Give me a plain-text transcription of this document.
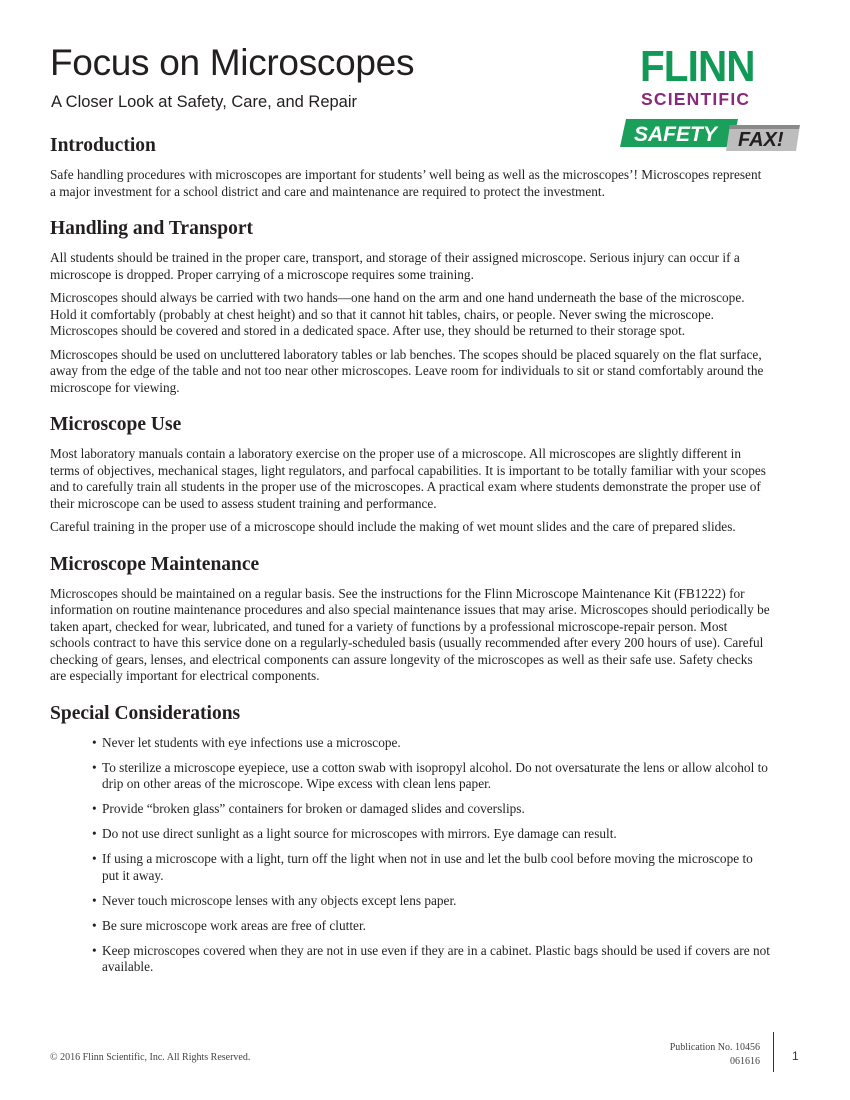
Focus on Microscopes
A Closer Look at Safety, Care, and Repair
FLINN
SCIENTIFIC
SAFETY FAX!
Introduction

Safe handling procedures with microscopes are important for students’ well being as well as the microscopes’! Microscopes represent a major investment for a school district and care and maintenance are required to protect the investment.

Handling and Transport

All students should be trained in the proper care, transport, and storage of their assigned microscope. Serious injury can occur if a microscope is dropped. Proper carrying of a microscope requires some training.

Microscopes should always be carried with two hands—one hand on the arm and one hand underneath the base of the microscope. Hold it comfortably (probably at chest height) and so that it cannot hit tables, chairs, or people. Never swing the microscope. Microscopes should be covered and stored in a dedicated space. After use, they should be returned to their storage spot.

Microscopes should be used on uncluttered laboratory tables or lab benches. The scopes should be placed squarely on the flat surface, away from the edge of the table and not too near other microscopes. Leave room for individuals to sit or stand comfortably around the microscope for viewing.

Microscope Use

Most laboratory manuals contain a laboratory exercise on the proper use of a microscope. All microscopes are slightly different in terms of objectives, mechanical stages, light regulators, and parfocal capabilities. It is important to be totally familiar with your scopes and to carefully train all students in the proper use of the microscopes. A practical exam where students demonstrate the proper use of their microscope can be used to assess student training and performance.

Careful training in the proper use of a microscope should include the making of wet mount slides and the care of prepared slides.

Microscope Maintenance

Microscopes should be maintained on a regular basis. See the instructions for the Flinn Microscope Maintenance Kit (FB1222) for information on routine maintenance procedures and also special maintenance issues that may arise. Microscopes should periodically be taken apart, checked for wear, lubricated, and tuned for a variety of functions by a professional microscope-repair person. Most schools contract to have this service done on a regularly-scheduled basis (usually recommended after every 200 hours of use). Careful checking of gears, lenses, and electrical components can assure longevity of the microscopes as well as their safe use. Safety checks are especially important for electrical components.

Special Considerations
• Never let students with eye infections use a microscope.
• To sterilize a microscope eyepiece, use a cotton swab with isopropyl alcohol. Do not oversaturate the lens or allow alcohol to drip on other areas of the microscope. Wipe excess with clean lens paper.
• Provide “broken glass” containers for broken or damaged slides and coverslips.
• Do not use direct sunlight as a light source for microscopes with mirrors. Eye damage can result.
• If using a microscope with a light, turn off the light when not in use and let the bulb cool before moving the microscope to put it away.
• Never touch microscope lenses with any objects except lens paper.
• Be sure microscope work areas are free of clutter.
• Keep microscopes covered when they are not in use even if they are in a cabinet. Plastic bags should be used if covers are not available.
© 2016 Flinn Scientific, Inc. All Rights Reserved.
Publication No. 10456
061616	1
